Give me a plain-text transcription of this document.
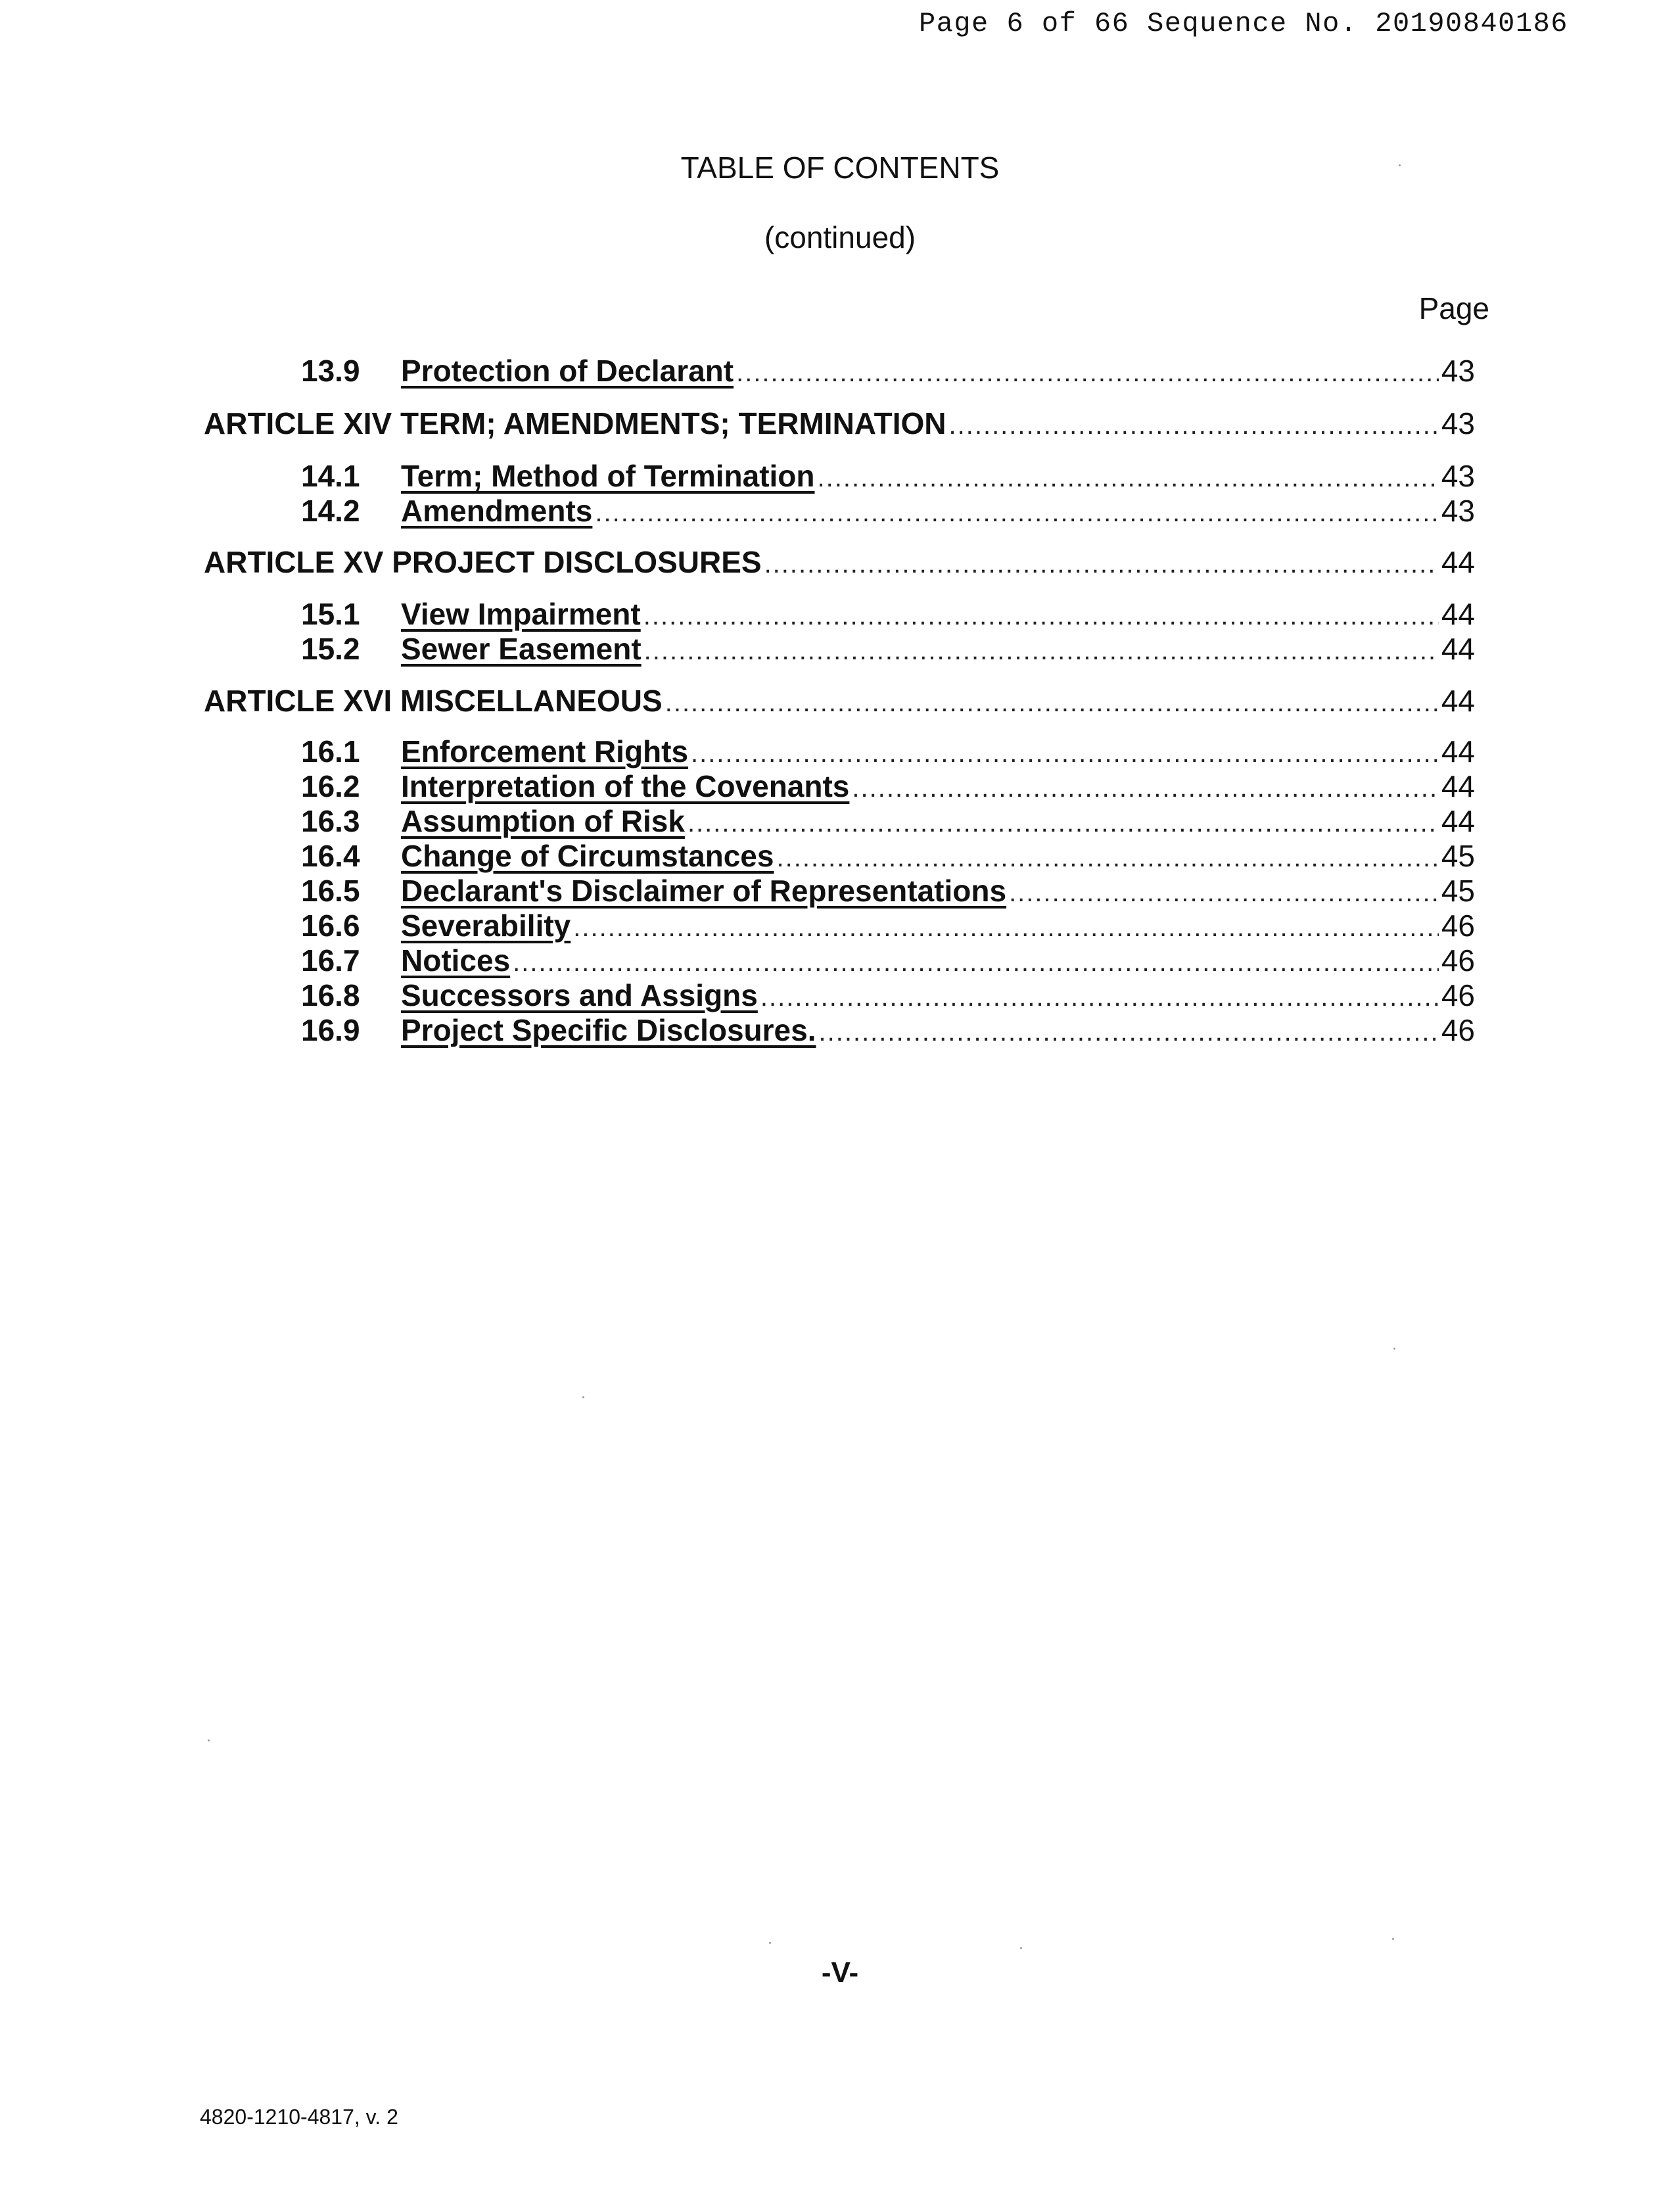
Page 6 of 66 Sequence No. 20190840186
TABLE OF CONTENTS
(continued)
Page
13.9	Protection of Declarant .....	43
ARTICLE XIV TERM; AMENDMENTS; TERMINATION .....	43
14.1	Term; Method of Termination .....	43
14.2	Amendments .....	43
ARTICLE XV PROJECT DISCLOSURES .....	44
15.1	View Impairment .....	44
15.2	Sewer Easement .....	44
ARTICLE XVI MISCELLANEOUS .....	44
16.1	Enforcement Rights .....	44
16.2	Interpretation of the Covenants .....	44
16.3	Assumption of Risk .....	44
16.4	Change of Circumstances .....	45
16.5	Declarant's Disclaimer of Representations .....	45
16.6	Severability .....	46
16.7	Notices .....	46
16.8	Successors and Assigns .....	46
16.9	Project Specific Disclosures. .....	46
-V-
4820-1210-4817, v. 2
